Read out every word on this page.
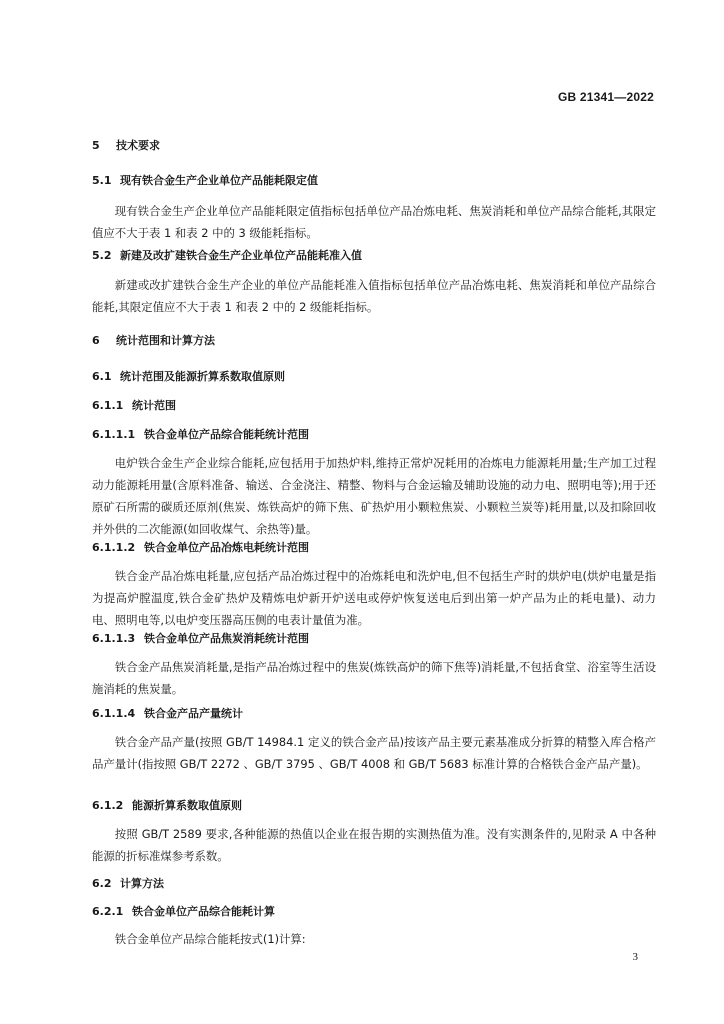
GB 21341—2022
5 技术要求
5.1 现有铁合金生产企业单位产品能耗限定值
现有铁合金生产企业单位产品能耗限定值指标包括单位产品冶炼电耗、焦炭消耗和单位产品综合能耗,其限定值应不大于表 1 和表 2 中的 3 级能耗指标。
5.2 新建及改扩建铁合金生产企业单位产品能耗准入值
新建或改扩建铁合金生产企业的单位产品能耗准入值指标包括单位产品冶炼电耗、焦炭消耗和单位产品综合能耗,其限定值应不大于表 1 和表 2 中的 2 级能耗指标。
6 统计范围和计算方法
6.1 统计范围及能源折算系数取值原则
6.1.1 统计范围
6.1.1.1 铁合金单位产品综合能耗统计范围
电炉铁合金生产企业综合能耗,应包括用于加热炉料,维持正常炉况耗用的冶炼电力能源耗用量;生产加工过程动力能源耗用量(含原料准备、输送、合金浇注、精整、物料与合金运输及辅助设施的动力电、照明电等);用于还原矿石所需的碳质还原剂(焦炭、炼铁高炉的筛下焦、矿热炉用小颗粒焦炭、小颗粒兰炭等)耗用量,以及扣除回收并外供的二次能源(如回收煤气、余热等)量。
6.1.1.2 铁合金单位产品冶炼电耗统计范围
铁合金产品冶炼电耗量,应包括产品冶炼过程中的冶炼耗电和洗炉电,但不包括生产时的烘炉电(烘炉电量是指为提高炉膛温度,铁合金矿热炉及精炼电炉新开炉送电或停炉恢复送电后到出第一炉产品为止的耗电量)、动力电、照明电等,以电炉变压器高压侧的电表计量值为准。
6.1.1.3 铁合金单位产品焦炭消耗统计范围
铁合金产品焦炭消耗量,是指产品冶炼过程中的焦炭(炼铁高炉的筛下焦等)消耗量,不包括食堂、浴室等生活设施消耗的焦炭量。
6.1.1.4 铁合金产品产量统计
铁合金产品产量(按照 GB/T 14984.1 定义的铁合金产品)按该产品主要元素基准成分折算的精整入库合格产品产量计(指按照 GB/T 2272 、GB/T 3795 、GB/T 4008 和 GB/T 5683 标准计算的合格铁合金产品产量)。
6.1.2 能源折算系数取值原则
按照 GB/T 2589 要求,各种能源的热值以企业在报告期的实测热值为准。没有实测条件的,见附录 A 中各种能源的折标准煤参考系数。
6.2 计算方法
6.2.1 铁合金单位产品综合能耗计算
铁合金单位产品综合能耗按式(1)计算:
3
